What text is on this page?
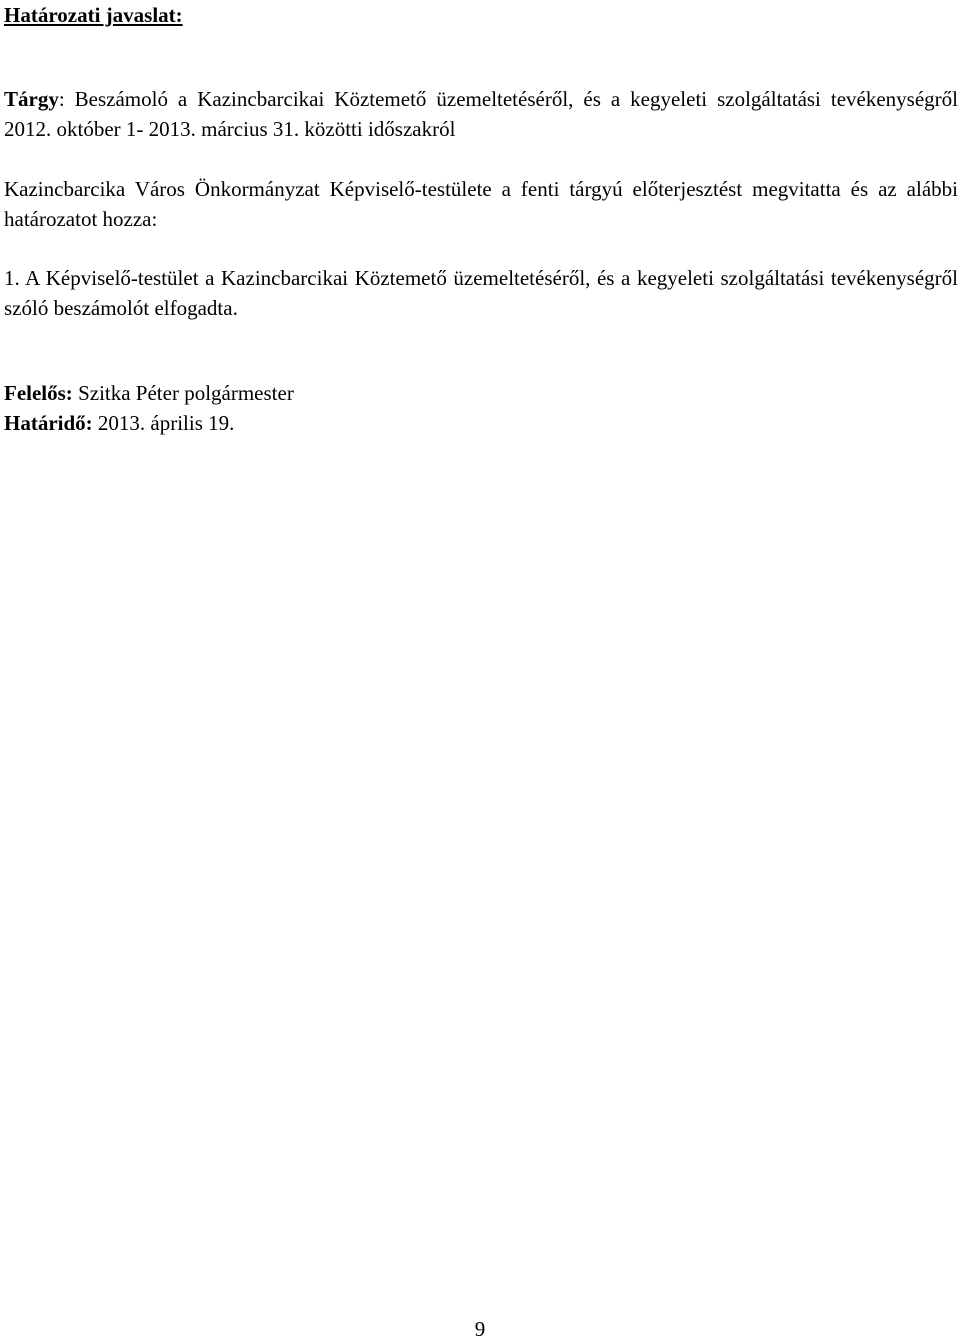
Határozati javaslat:
Tárgy: Beszámoló a Kazincbarcikai Köztemető üzemeltetéséről, és a kegyeleti szolgáltatási tevékenységről 2012. október 1- 2013. március 31. közötti időszakról
Kazincbarcika Város Önkormányzat Képviselő-testülete a fenti tárgyú előterjesztést megvitatta és az alábbi határozatot hozza:
1. A Képviselő-testület a Kazincbarcikai Köztemető üzemeltetéséről, és a kegyeleti szolgáltatási tevékenységről szóló beszámolót elfogadta.
Felelős: Szitka Péter polgármester
Határidő: 2013. április 19.
9
